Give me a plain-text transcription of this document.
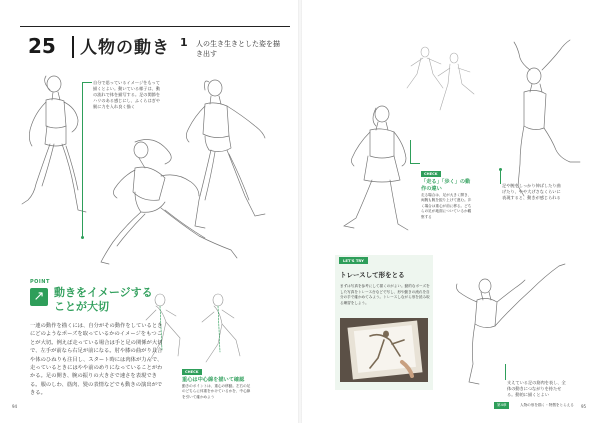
25 人物の動き 1 人の生き生きとした姿を描き出す
自分で思っているイメージをもって描くとよい。動いている様子は、動の流れで体を描写する。足の関節をハリのある感じにし、ふくらはぎや腿に力を入れ良く描く
足や腕をしっかり伸ばしたり曲げたり、やや大げさなくらいに表現すると、動きが感じられる
支えている足の筋肉を表し、全体の動きにつながりを持たせる。動的に描くとよい
CHECK
「走る」「歩く」の動作の違い
走る場合は、足が大きく開き、両腕も腕を振り上げて進む。歩く場合は重心が前に移る。どちらの足が地面についているか観察する
CHECK
重心は中心線を描いて確認
動きのポイントは、重心の移動。左右の足のどちらに体重をかけているかを、中心線を引いて確かめよう
POINT
↗ 動きをイメージする
ことが大切
一連の動作を描くには、自分がその動作をしているときにどのようなポーズを取っているかのイメージをもつことが大切。例えば走っている場合は手と足の関係が大切で、左手が前なら右足が前になる。肘や膝の曲がり具合や体のひねりも注目し、スタート時には肉体が力んで、走っているときにはやや前のめりになっていることがわかる。足の開き、腕の振りの大きさで速さを表現できる。服のしわ、筋肉、髪の表情などでも動きの演出ができる。
LET'S TRY
トレースして形をとる
まずは写真を参考にして描くのがよい。動的なポーズをした写真をトレース台などで写し、形や動きの流れを自分の手で確かめてみよう。トレースしながら形を読み取る練習をしよう。
94	第4章	人物の形を描く・特徴をとらえる 95
